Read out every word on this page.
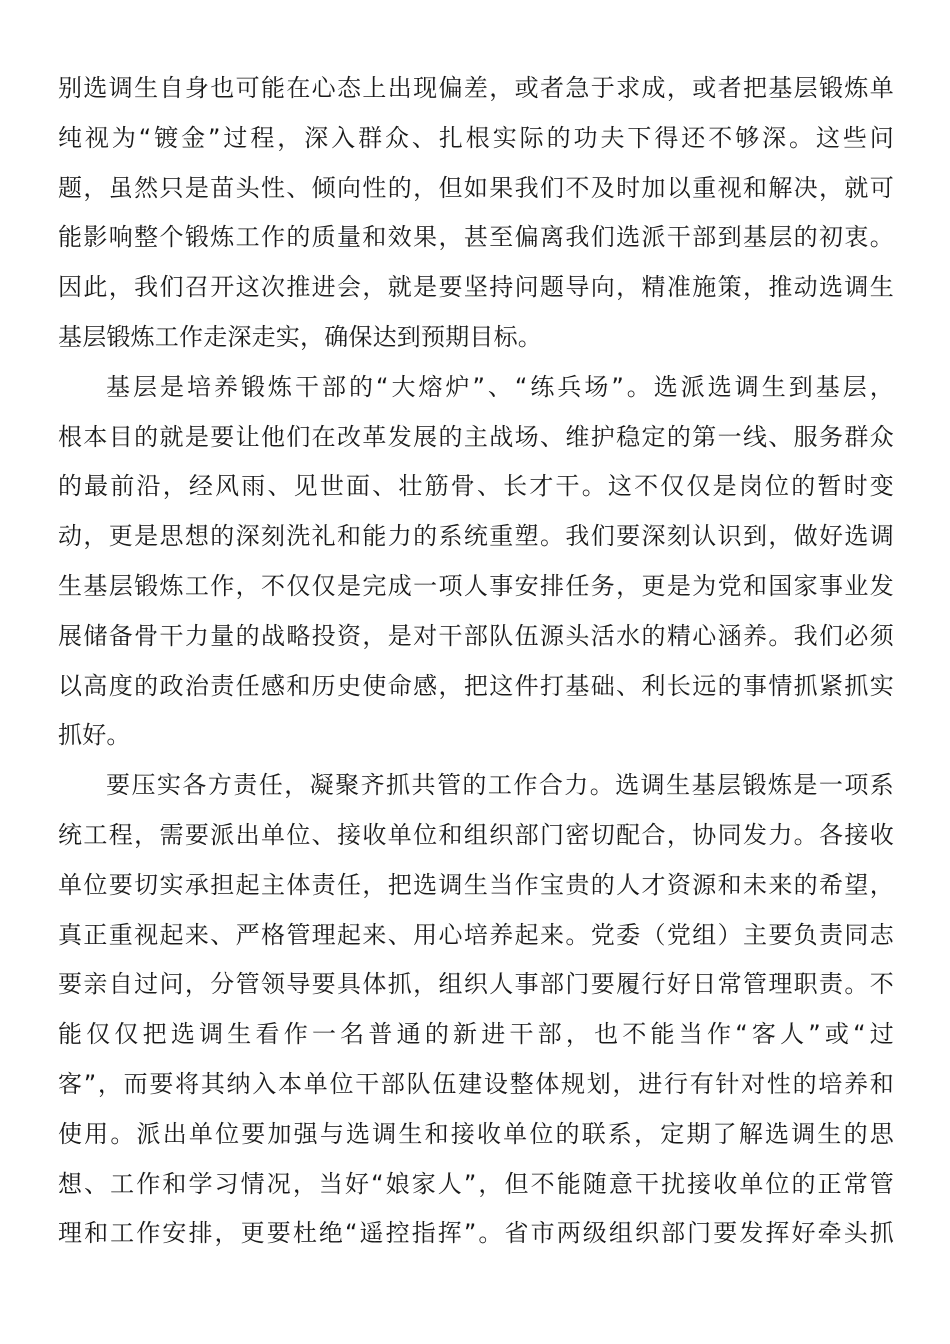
别选调生自身也可能在心态上出现偏差，或者急于求成，或者把基层锻炼单
纯视为“镀金”过程，深入群众、扎根实际的功夫下得还不够深。这些问
题，虽然只是苗头性、倾向性的，但如果我们不及时加以重视和解决，就可
能影响整个锻炼工作的质量和效果，甚至偏离我们选派干部到基层的初衷。
因此，我们召开这次推进会，就是要坚持问题导向，精准施策，推动选调生
基层锻炼工作走深走实，确保达到预期目标。
基层是培养锻炼干部的“大熔炉”、“练兵场”。选派选调生到基层，
根本目的就是要让他们在改革发展的主战场、维护稳定的第一线、服务群众
的最前沿，经风雨、见世面、壮筋骨、长才干。这不仅仅是岗位的暂时变
动，更是思想的深刻洗礼和能力的系统重塑。我们要深刻认识到，做好选调
生基层锻炼工作，不仅仅是完成一项人事安排任务，更是为党和国家事业发
展储备骨干力量的战略投资，是对干部队伍源头活水的精心涵养。我们必须
以高度的政治责任感和历史使命感，把这件打基础、利长远的事情抓紧抓实
抓好。
要压实各方责任，凝聚齐抓共管的工作合力。选调生基层锻炼是一项系
统工程，需要派出单位、接收单位和组织部门密切配合，协同发力。各接收
单位要切实承担起主体责任，把选调生当作宝贵的人才资源和未来的希望，
真正重视起来、严格管理起来、用心培养起来。党委（党组）主要负责同志
要亲自过问，分管领导要具体抓，组织人事部门要履行好日常管理职责。不
能仅仅把选调生看作一名普通的新进干部，也不能当作“客人”或“过
客”，而要将其纳入本单位干部队伍建设整体规划，进行有针对性的培养和
使用。派出单位要加强与选调生和接收单位的联系，定期了解选调生的思
想、工作和学习情况，当好“娘家人”，但不能随意干扰接收单位的正常管
理和工作安排，更要杜绝“遥控指挥”。省市两级组织部门要发挥好牵头抓
